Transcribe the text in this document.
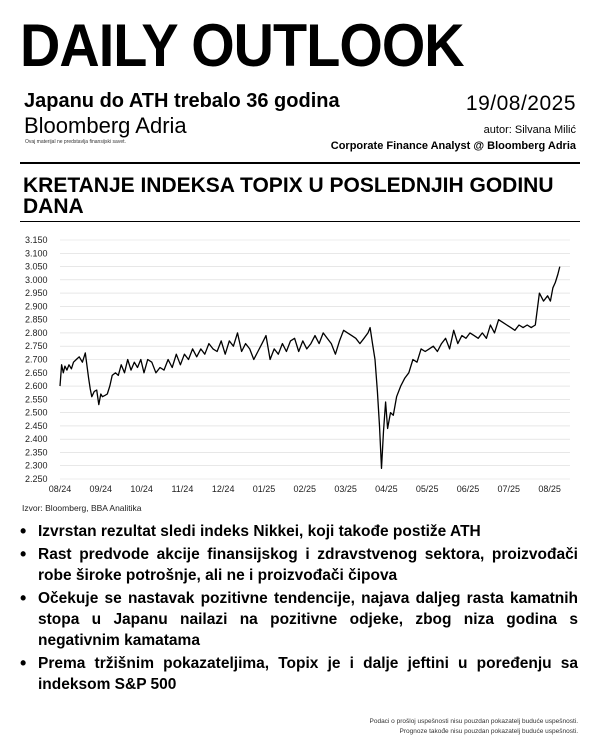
DAILY OUTLOOK
Japanu do ATH trebalo 36 godina
Bloomberg Adria
Ovaj materijal ne predstavlja finansijski savet.
19/08/2025
autor: Silvana Milić
Corporate Finance Analyst @ Bloomberg Adria
KRETANJE INDEKSA TOPIX U POSLEDNJIH GODINU DANA
3.150
3.100
3.050
3.000
2.950
2.900
2.850
2.800
2.750
2.700
2.650
2.600
2.550
2.500
2.450
2.400
2.350
2.300
2.250
08/24 09/24 10/24 11/24 12/24 01/25 02/25 03/25 04/25 05/25 06/25 07/25 08/25
Izvor: Bloomberg, BBA Analitika
• Izvrstan rezultat sledi indeks Nikkei, koji takođe postiže ATH
• Rast predvode akcije finansijskog i zdravstvenog sektora, proizvođači robe široke potrošnje, ali ne i proizvođači čipova
• Očekuje se nastavak pozitivne tendencije, najava daljeg rasta kamatnih stopa u Japanu nailazi na pozitivne odjeke, zbog niza godina s negativnim kamatama
• Prema tržišnim pokazateljima, Topix je i dalje jeftini u poređenju sa indeksom S&P 500
Podaci o prošloj uspešnosti nisu pouzdan pokazatelj buduće uspešnosti.
Prognoze takođe nisu pouzdan pokazatelj buduće uspešnosti.
